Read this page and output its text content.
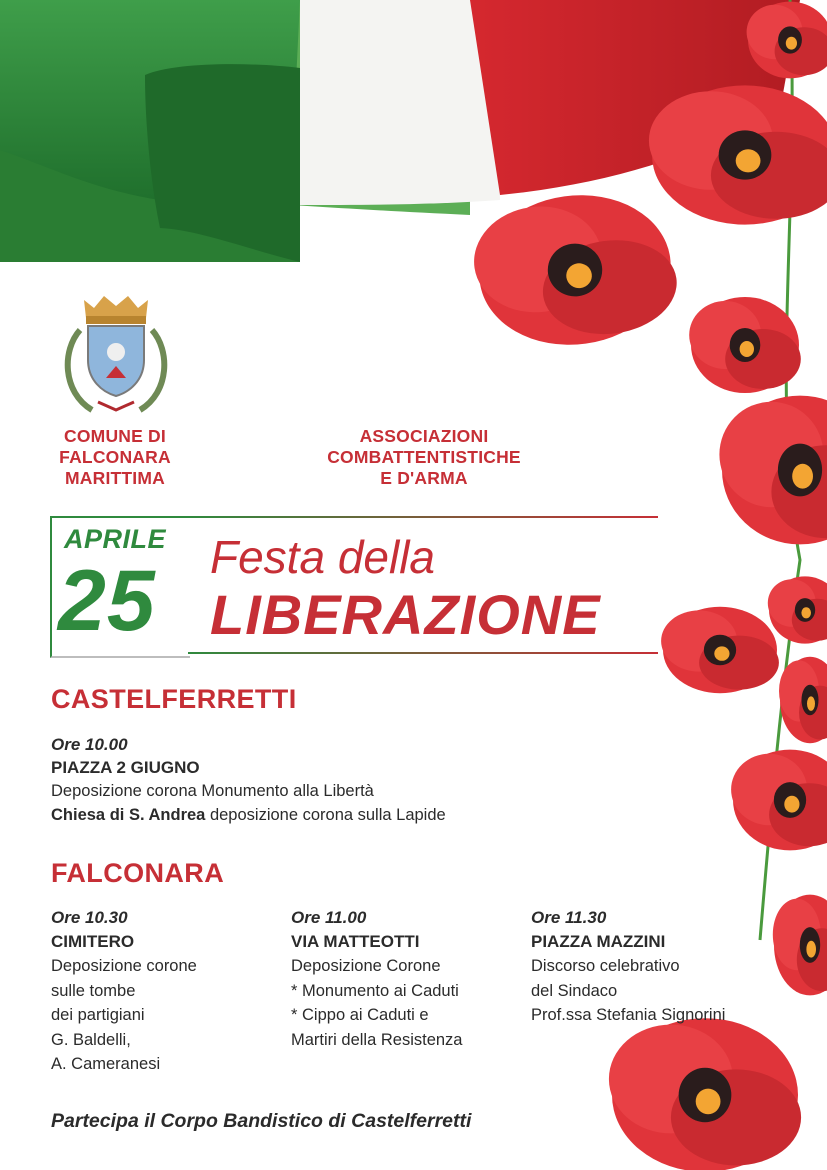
COMUNE DI
FALCONARA
MARITTIMA
ASSOCIAZIONI
COMBATTENTISTICHE
E D'ARMA
APRILE
25 Festa della
LIBERAZIONE
CASTELFERRETTI
Ore 10.00
PIAZZA 2 GIUGNO
Deposizione corona Monumento alla Libertà
Chiesa di S. Andrea deposizione corona sulla Lapide
FALCONARA
Ore 10.30
CIMITERO
Deposizione corone
sulle tombe
dei partigiani
G. Baldelli,
A. Cameranesi
Ore 11.00
VIA MATTEOTTI
Deposizione Corone
* Monumento ai Caduti
* Cippo ai Caduti e
Martiri della Resistenza
Ore 11.30
PIAZZA MAZZINI
Discorso celebrativo
del Sindaco
Prof.ssa Stefania Signorini
Partecipa il Corpo Bandistico di Castelferretti
